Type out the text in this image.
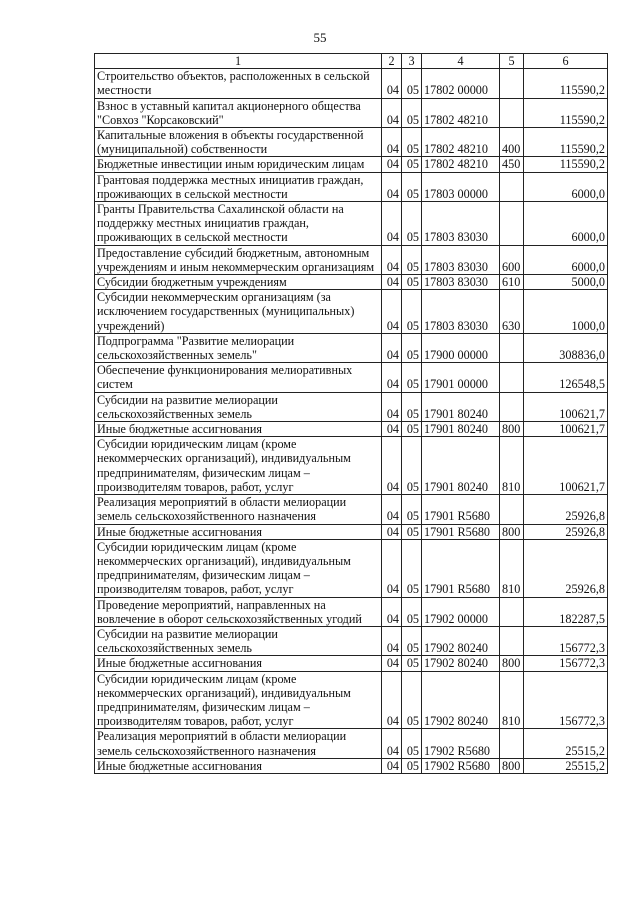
55
1	2	3	4	5	6
Строительство объектов, расположенных в сельской местности	04	05	17802 00000		115590,2
Взнос в уставный капитал акционерного общества "Совхоз "Корсаковский"	04	05	17802 48210		115590,2
Капитальные вложения в объекты государственной (муниципальной) собственности	04	05	17802 48210	400	115590,2
Бюджетные инвестиции иным юридическим лицам	04	05	17802 48210	450	115590,2
Грантовая поддержка местных инициатив граждан, проживающих в сельской местности	04	05	17803 00000		6000,0
Гранты Правительства Сахалинской области на поддержку местных инициатив граждан, проживающих в сельской местности	04	05	17803 83030		6000,0
Предоставление субсидий бюджетным, автономным учреждениям и иным некоммерческим организациям	04	05	17803 83030	600	6000,0
Субсидии бюджетным учреждениям	04	05	17803 83030	610	5000,0
Субсидии некоммерческим организациям (за исключением государственных (муниципальных) учреждений)	04	05	17803 83030	630	1000,0
Подпрограмма "Развитие мелиорации сельскохозяйственных земель"	04	05	17900 00000		308836,0
Обеспечение функционирования мелиоративных систем	04	05	17901 00000		126548,5
Субсидии на развитие мелиорации сельскохозяйственных земель	04	05	17901 80240		100621,7
Иные бюджетные ассигнования	04	05	17901 80240	800	100621,7
Субсидии юридическим лицам (кроме некоммерческих организаций), индивидуальным предпринимателям, физическим лицам – производителям товаров, работ, услуг	04	05	17901 80240	810	100621,7
Реализация мероприятий в области мелиорации земель сельскохозяйственного назначения	04	05	17901 R5680		25926,8
Иные бюджетные ассигнования	04	05	17901 R5680	800	25926,8
Субсидии юридическим лицам (кроме некоммерческих организаций), индивидуальным предпринимателям, физическим лицам – производителям товаров, работ, услуг	04	05	17901 R5680	810	25926,8
Проведение мероприятий, направленных на вовлечение в оборот сельскохозяйственных угодий	04	05	17902 00000		182287,5
Субсидии на развитие мелиорации сельскохозяйственных земель	04	05	17902 80240		156772,3
Иные бюджетные ассигнования	04	05	17902 80240	800	156772,3
Субсидии юридическим лицам (кроме некоммерческих организаций), индивидуальным предпринимателям, физическим лицам – производителям товаров, работ, услуг	04	05	17902 80240	810	156772,3
Реализация мероприятий в области мелиорации земель сельскохозяйственного назначения	04	05	17902 R5680		25515,2
Иные бюджетные ассигнования	04	05	17902 R5680	800	25515,2
